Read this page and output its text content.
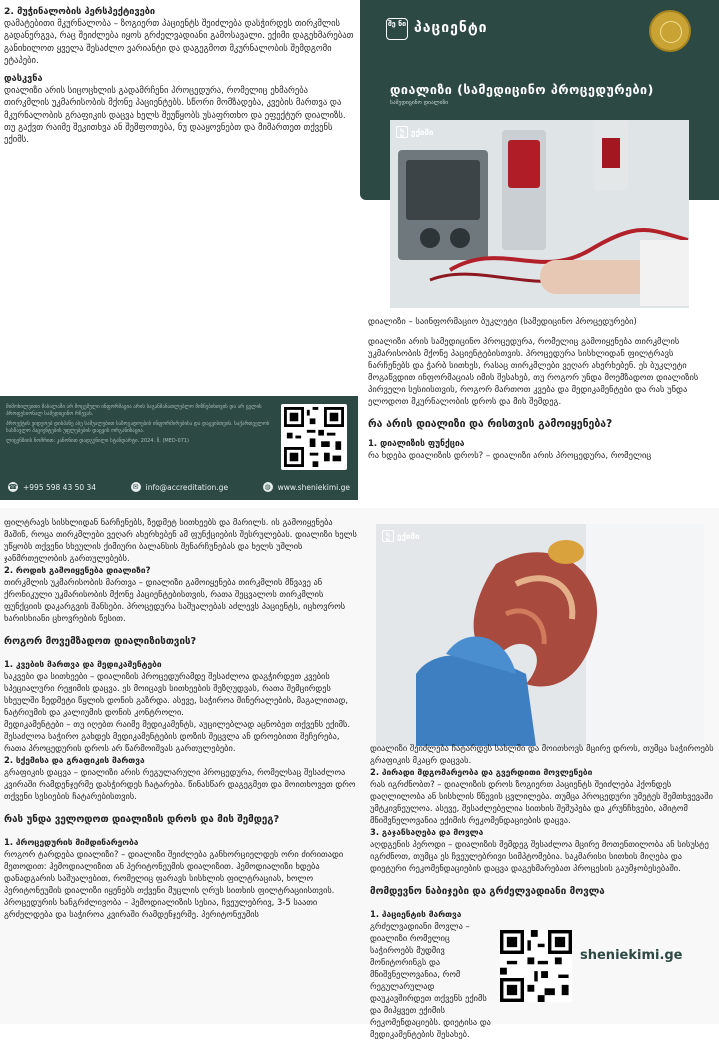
2. მუჭინალობის პერსპექტივები

დამატებითი მკურნალობა – ზოგიერთ პაციენტს შეიძლება დასჭირდეს თირკმლის გადანერგვა, რაც შეიძლება იყოს გრძელვადიანი გამოსავალი. ექიმი დაგეხმარებათ განიხილოთ ყველა შესაძლო ვარიანტი და დაგეგმოთ მკურნალობის შემდგომი ეტაპები.

დასკვნა

დიალიზი არის სიცოცხლის გადამრჩენი პროცედურა, რომელიც ეხმარება თირკმლის უკმარისობის მქონე პაციენტებს. სწორი მომზადება, კვების მართვა და მკურნალობის გრაფიკის დაცვა ხელს შეუწყობს უსაფრთხო და ეფექტურ დიალიზს. თუ გაქვთ რაიმე შეკითხვა ან შეშფოთება, ნუ დააყოვნებთ და მიმართეთ თქვენს ექიმს.

მიმოხილვითი მასალაში არ მოცემული ინფორმაცია არის საგანმანათლებლო მიზნებისთვის და არ ცვლის პროფესიონალ სამედიცინო რჩევას.

პროექტის ვიდეოებ დისპანე ასე საშუალებით საზოგადოების ინფორმირებისა და დაცვისთვის. საქართველოს სასწავლო პაციენტების უფლებების დაცვის ორგანიზაცია.

ლიცენზიის ნომრით: კანონით დადგენილი სტანდარტი. 2024. წ. (MED-071)

☎ +995 598 43 50 34	✉ info@accreditation.ge	◍ www.sheniekimi.ge
შე ნი პაციენტი
დიალიზი (სამედიცინო პროცედურები)
სამედიცინო დიალიზი
შე ნი ექიმი

დიალიზი – საინფორმაციო ბუკლეტი (სამედიცინო პროცედურები)

დიალიზი არის სამედიცინო პროცედურა, რომელიც გამოიყენება თირკმლის უკმარისობის მქონე პაციენტებისთვის. პროცედურა სისხლიდან ფილტრავს ნარჩენებს და ჭარბ სითხეს, რასაც თირკმლები ვეღარ ახერხებენ. ეს ბუკლეტი მოგაწვდით ინფორმაციას იმის შესახებ, თუ როგორ უნდა მოემზადოთ დიალიზის პირველი სესიისთვის, როგორ მართოთ კვება და მედიკამენტები და რას უნდა ელოდოთ მკურნალობის დროს და მის შემდეგ.

რა არის დიალიზი და რისთვის გამოიყენება?

1. დიალიზის ფუნქცია

რა ხდება დიალიზის დროს? – დიალიზი არის პროცედურა, რომელიც

ფილტრავს სისხლიდან ნარჩენებს, ზედმეტ სითხეებს და მარილს. ის გამოიყენება მაშინ, როცა თირკმლები ვეღარ ახერხებენ ამ ფუნქციების შესრულებას. დიალიზი ხელს უწყობს თქვენი სხეულის ქიმიური ბალანსის შენარჩუნებას და ხელს უშლის ჯანმრთელობის გართულებებს.

2. როდის გამოიყენება დიალიზი?

თირკმლის უკმარისობის მართვა – დიალიზი გამოიყენება თირკმლის მწვავე ან ქრონიკული უკმარისობის მქონე პაციენტებისთვის, რათა შეცვალოს თირკმლის ფუნქციის დაკარგვის შანსები. პროცედურა საშუალებას აძლევს პაციენტს, იცხოვროს ხარისხიანი ცხოვრების წესით.

როგორ მოვემზადოთ დიალიზისთვის?

1. კვების მართვა და მედიკამენტები

საკვები და სითხეები – დიალიზის პროცედურამდე შესაძლოა დაგჭირდეთ კვების სპეციალური რეჟიმის დაცვა. ეს მოიცავს სითხეების შეზღუდვას, რათა შემცირდეს სხეულში ზედმეტი წყლის დონის გაზრდა. ასევე, საჭიროა მინერალების, მაგალითად, ნატრიუმის და კალიუმის დონის კონტროლი.

მედიკამენტები – თუ იღებთ რაიმე მედიკამენტს, აუცილებლად აცნობეთ თქვენს ექიმს. შესაძლოა საჭირო გახდეს მედიკამენტების დოზის შეცვლა ან დროებითი შეჩერება, რათა პროცედურის დროს არ წარმოიშვას გართულებები.

2. სქემისა და გრაფიკის მართვა

გრაფიკის დაცვა – დიალიზი არის რეგულარული პროცედურა, რომელსაც შესაძლოა კვირაში რამდენჯერმე დასჭირდეს ჩატარება. წინასწარ დაგეგმეთ და მოითხოვეთ დრო თქვენი სესიების ჩატარებისთვის.

რას უნდა ველოდოთ დიალიზის დროს და მის შემდეგ?

1. პროცედურის მიმდინარეობა

როგორ ტარდება დიალიზი? – დიალიზი შეიძლება განხორციელდეს ორი ძირითადი მეთოდით: ჰემოდიალიზით ან პერიტონეუმის დიალიზით. ჰემოდიალიზი ხდება დანადგარის საშუალებით, რომელიც ფარავს სისხლის ფილტრაციას, ხოლო პერიტონეუმის დიალიზი იყენებს თქვენი მუცლის ღრუს სითხის ფილტრაციისთვის.

პროცედურის ხანგრძლივობა – ჰემოდიალიზის სესია, ჩვეულებრივ, 3-5 საათი გრძელდება და საჭიროა კვირაში რამდენჯერმე. პერიტონეუმის

შე ნი ექიმი

დიალიზი შეიძლება ჩატარდეს სახლში და მოითხოვს მცირე დროს, თუმცა საჭიროებს გრაფიკის მკაცრ დაცვას.

2. პირადი მდგომარეობა და გვერდითი მოვლენები

რას იგრძნობთ? – დიალიზის დროს ზოგიერთ პაციენტს შეიძლება ჰქონდეს დაღლილობა ან სისხლის წნევის ცვლილება. თუმცა პროცედური უმეტეს შემთხვევაში უმტკივნეულოა. ასევე, შესაძლებელია სითხის შეშუპება და კრუნჩხვები, ამიტომ მნიშვნელოვანია ექიმის რეკომენდაციების დაცვა.

3. გაჯანსაღება და მოვლა

აღდგენის პეროდი – დიალიზის შემდეგ შესაძლოა მცირე მოთენთილობა ან სისუსტე იგრძნოთ, თუმცა ეს ჩვეულებრივი სიმპტომებია. საკმარისი სითხის მიღება და დიეტური რეკომენდაციების დაცვა დაგეხმარებათ პროცესის გაუმჯობესებაში.

მომდევნო ნაბიჯები და გრძელვადიანი მოვლა

1. პაციენტის მართვა

გრძელვადიანი მოვლა – დიალიზი რომელიც საჭიროებს მუდმივ მონიტორინგს და მნიშვნელოვანია, რომ რეგულარულად დაუკავშირდეთ თქვენს ექიმს და მიჰყვეთ ექიმის რეკომენდაციებს. დიეტისა და მედიკამენტების შესახებ.

sheniekimi.ge
